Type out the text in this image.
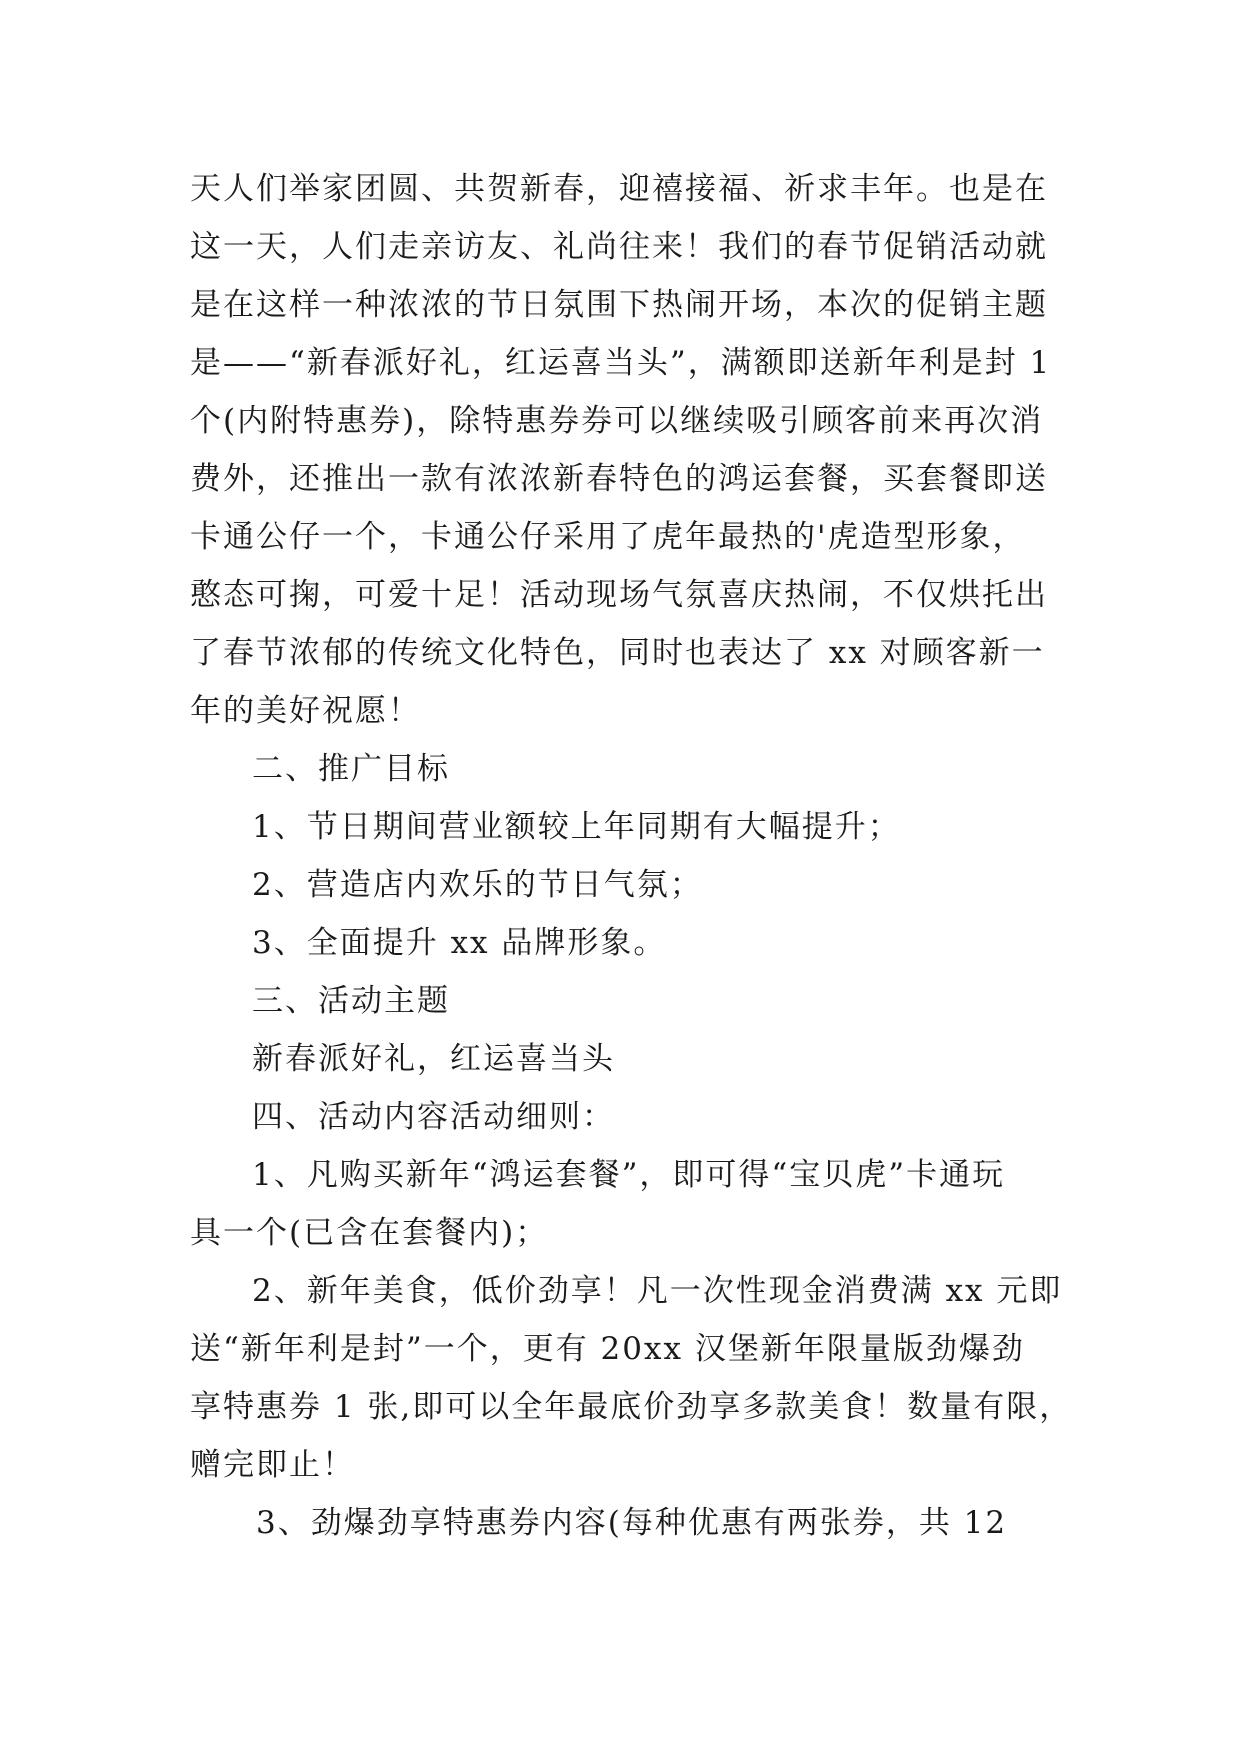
天人们举家团圆、共贺新春，迎禧接福、祈求丰年。也是在
这一天，人们走亲访友、礼尚往来！我们的春节促销活动就
是在这样一种浓浓的节日氛围下热闹开场，本次的促销主题
是——“新春派好礼，红运喜当头”，满额即送新年利是封 1
个(内附特惠券)，除特惠券券可以继续吸引顾客前来再次消
费外，还推出一款有浓浓新春特色的鸿运套餐，买套餐即送
卡通公仔一个，卡通公仔采用了虎年最热的'虎造型形象，
憨态可掬，可爱十足！活动现场气氛喜庆热闹，不仅烘托出
了春节浓郁的传统文化特色，同时也表达了 xx 对顾客新一
年的美好祝愿！
二、推广目标
1、节日期间营业额较上年同期有大幅提升；
2、营造店内欢乐的节日气氛；
3、全面提升 xx 品牌形象。
三、活动主题
新春派好礼，红运喜当头
四、活动内容活动细则：
1、凡购买新年“鸿运套餐”，即可得“宝贝虎”卡通玩
具一个(已含在套餐内)；
2、新年美食，低价劲享！凡一次性现金消费满 xx 元即
送“新年利是封”一个，更有 20xx 汉堡新年限量版劲爆劲
享特惠券 1 张,即可以全年最底价劲享多款美食！数量有限，
赠完即止！
3、劲爆劲享特惠券内容(每种优惠有两张券，共 12
